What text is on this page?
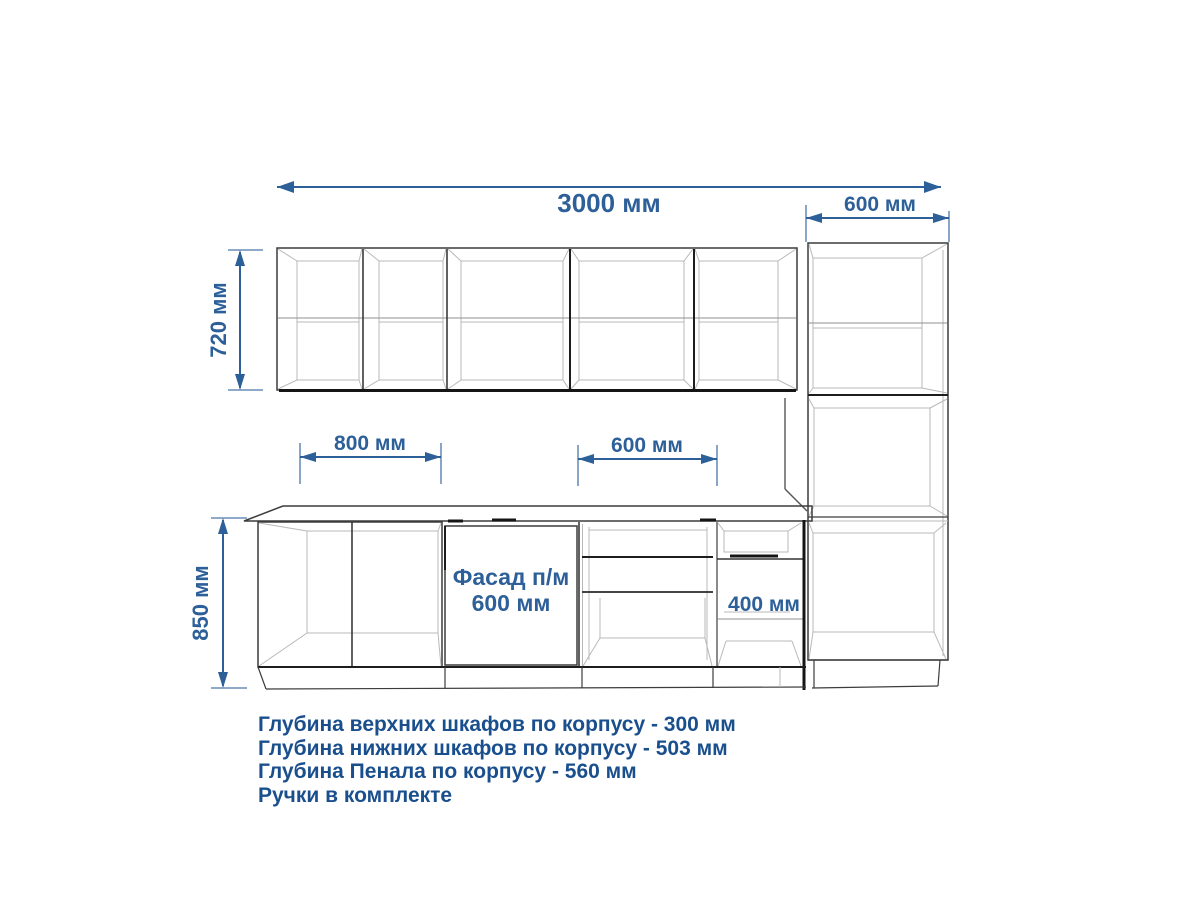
3000 мм	600 мм
720 мм
850 мм
800 мм	600 мм
Фасад п/м
600 мм	400 мм
Глубина верхних шкафов по корпусу - 300 мм
Глубина нижних шкафов по корпусу - 503 мм
Глубина Пенала по корпусу - 560 мм
Ручки в комплекте
